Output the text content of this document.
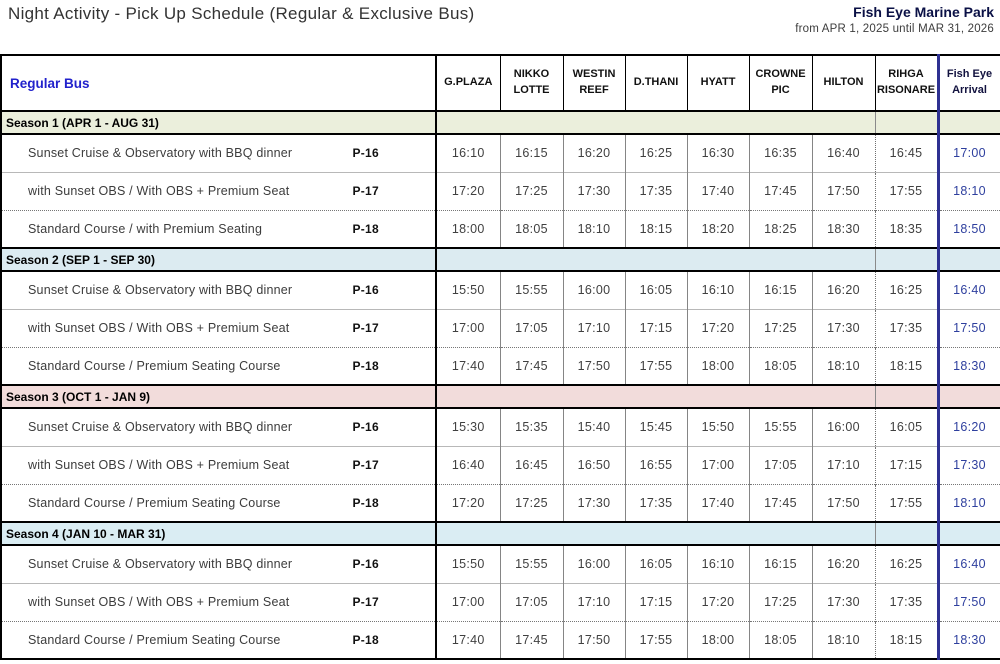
Night Activity - Pick Up Schedule (Regular & Exclusive Bus)	Fish Eye Marine Park
from APR 1, 2025 until MAR 31, 2026
Regular Bus	G.PLAZA	NIKKO LOTTE	WESTIN REEF	D.THANI	HYATT	CROWNE PIC	HILTON	RIHGA RISONARE	Fish Eye Arrival
Season 1 (APR 1 - AUG 31)									

Sunset Cruise & Observatory with BBQ dinner P-16	16:10	16:15	16:20	16:25	16:30	16:35	16:40	16:45	17:00

with Sunset OBS / With OBS + Premium Seat P-17	17:20	17:25	17:30	17:35	17:40	17:45	17:50	17:55	18:10

Standard Course / with Premium Seating P-18	18:00	18:05	18:10	18:15	18:20	18:25	18:30	18:35	18:50
Season 2 (SEP 1 - SEP 30)									

Sunset Cruise & Observatory with BBQ dinner P-16	15:50	15:55	16:00	16:05	16:10	16:15	16:20	16:25	16:40

with Sunset OBS / With OBS + Premium Seat P-17	17:00	17:05	17:10	17:15	17:20	17:25	17:30	17:35	17:50

Standard Course / Premium Seating Course P-18	17:40	17:45	17:50	17:55	18:00	18:05	18:10	18:15	18:30
Season 3 (OCT 1 - JAN 9)									

Sunset Cruise & Observatory with BBQ dinner P-16	15:30	15:35	15:40	15:45	15:50	15:55	16:00	16:05	16:20

with Sunset OBS / With OBS + Premium Seat P-17	16:40	16:45	16:50	16:55	17:00	17:05	17:10	17:15	17:30

Standard Course / Premium Seating Course P-18	17:20	17:25	17:30	17:35	17:40	17:45	17:50	17:55	18:10
Season 4 (JAN 10 - MAR 31)									

Sunset Cruise & Observatory with BBQ dinner P-16	15:50	15:55	16:00	16:05	16:10	16:15	16:20	16:25	16:40

with Sunset OBS / With OBS + Premium Seat P-17	17:00	17:05	17:10	17:15	17:20	17:25	17:30	17:35	17:50

Standard Course / Premium Seating Course P-18	17:40	17:45	17:50	17:55	18:00	18:05	18:10	18:15	18:30
